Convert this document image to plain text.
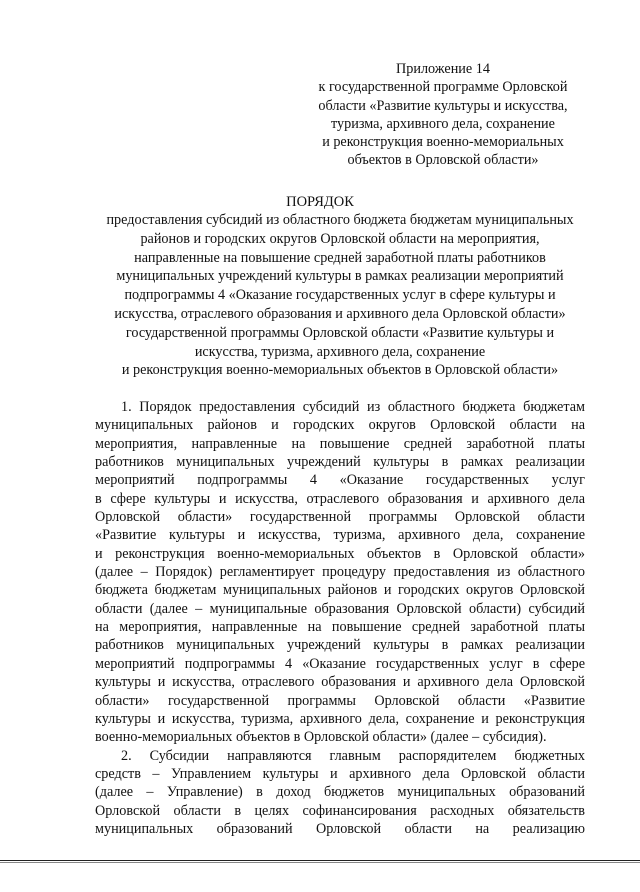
Приложение 14
к государственной программе Орловской
области «Развитие культуры и искусства,
туризма, архивного дела, сохранение
и реконструкция военно-мемориальных
объектов в Орловской области»
ПОРЯДОК
предоставления субсидий из областного бюджета бюджетам муниципальных
районов и городских округов Орловской области на мероприятия,
направленные на повышение средней заработной платы работников
муниципальных учреждений культуры в рамках реализации мероприятий
подпрограммы 4 «Оказание государственных услуг в сфере культуры и
искусства, отраслевого образования и архивного дела Орловской области»
государственной программы Орловской области «Развитие культуры и
искусства, туризма, архивного дела, сохранение
и реконструкция военно-мемориальных объектов в Орловской области»
1. Порядок предоставления субсидий из областного бюджета бюджетам
муниципальных районов и городских округов Орловской области на
мероприятия, направленные на повышение средней заработной платы
работников муниципальных учреждений культуры в рамках реализации
мероприятий подпрограммы 4 «Оказание государственных услуг
в сфере культуры и искусства, отраслевого образования и архивного дела
Орловской области» государственной программы Орловской области
«Развитие культуры и искусства, туризма, архивного дела, сохранение
и реконструкция военно-мемориальных объектов в Орловской области»
(далее – Порядок) регламентирует процедуру предоставления из областного
бюджета бюджетам муниципальных районов и городских округов Орловской
области (далее – муниципальные образования Орловской области) субсидий
на мероприятия, направленные на повышение средней заработной платы
работников муниципальных учреждений культуры в рамках реализации
мероприятий подпрограммы 4 «Оказание государственных услуг в сфере
культуры и искусства, отраслевого образования и архивного дела Орловской
области» государственной программы Орловской области «Развитие
культуры и искусства, туризма, архивного дела, сохранение и реконструкция
военно-мемориальных объектов в Орловской области» (далее – субсидия).
2. Субсидии направляются главным распорядителем бюджетных
средств – Управлением культуры и архивного дела Орловской области
(далее – Управление) в доход бюджетов муниципальных образований
Орловской области в целях софинансирования расходных обязательств
муниципальных образований Орловской области на реализацию
